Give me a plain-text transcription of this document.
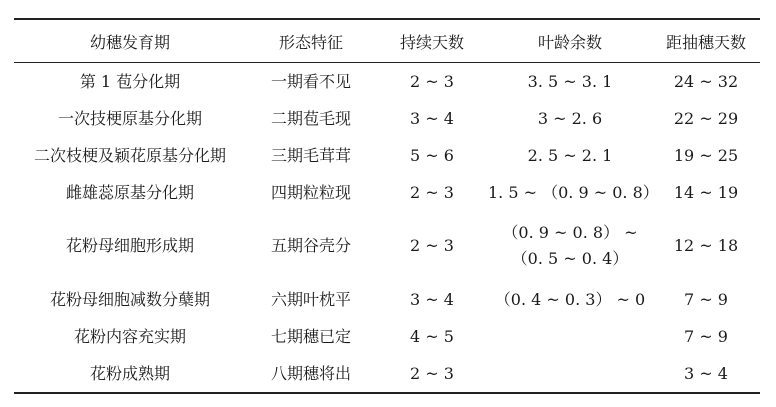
幼穗发育期	形态特征	持续天数	叶龄余数	距抽穗天数
第 1 苞分化期	一期看不见	2 ~ 3	3. 5 ~ 3. 1	24 ~ 32
一次技梗原基分化期	二期苞毛现	3 ~ 4	3 ~ 2. 6	22 ~ 29
二次枝梗及颖花原基分化期	三期毛茸茸	5 ~ 6	2. 5 ~ 2. 1	19 ~ 25
雌雄蕊原基分化期	四期粒粒现	2 ~ 3	1. 5 ~ （0. 9 ~ 0. 8）	14 ~ 19
花粉母细胞形成期	五期谷壳分	2 ~ 3	（0. 9 ~ 0. 8） ~
（0. 5 ~ 0. 4）	12 ~ 18
花粉母细胞减数分蘖期	六期叶枕平	3 ~ 4	（0. 4 ~ 0. 3） ~ 0	7 ~ 9
花粉内容充实期	七期穗已定	4 ~ 5		7 ~ 9
花粉成熟期	八期穗将出	2 ~ 3		3 ~ 4
